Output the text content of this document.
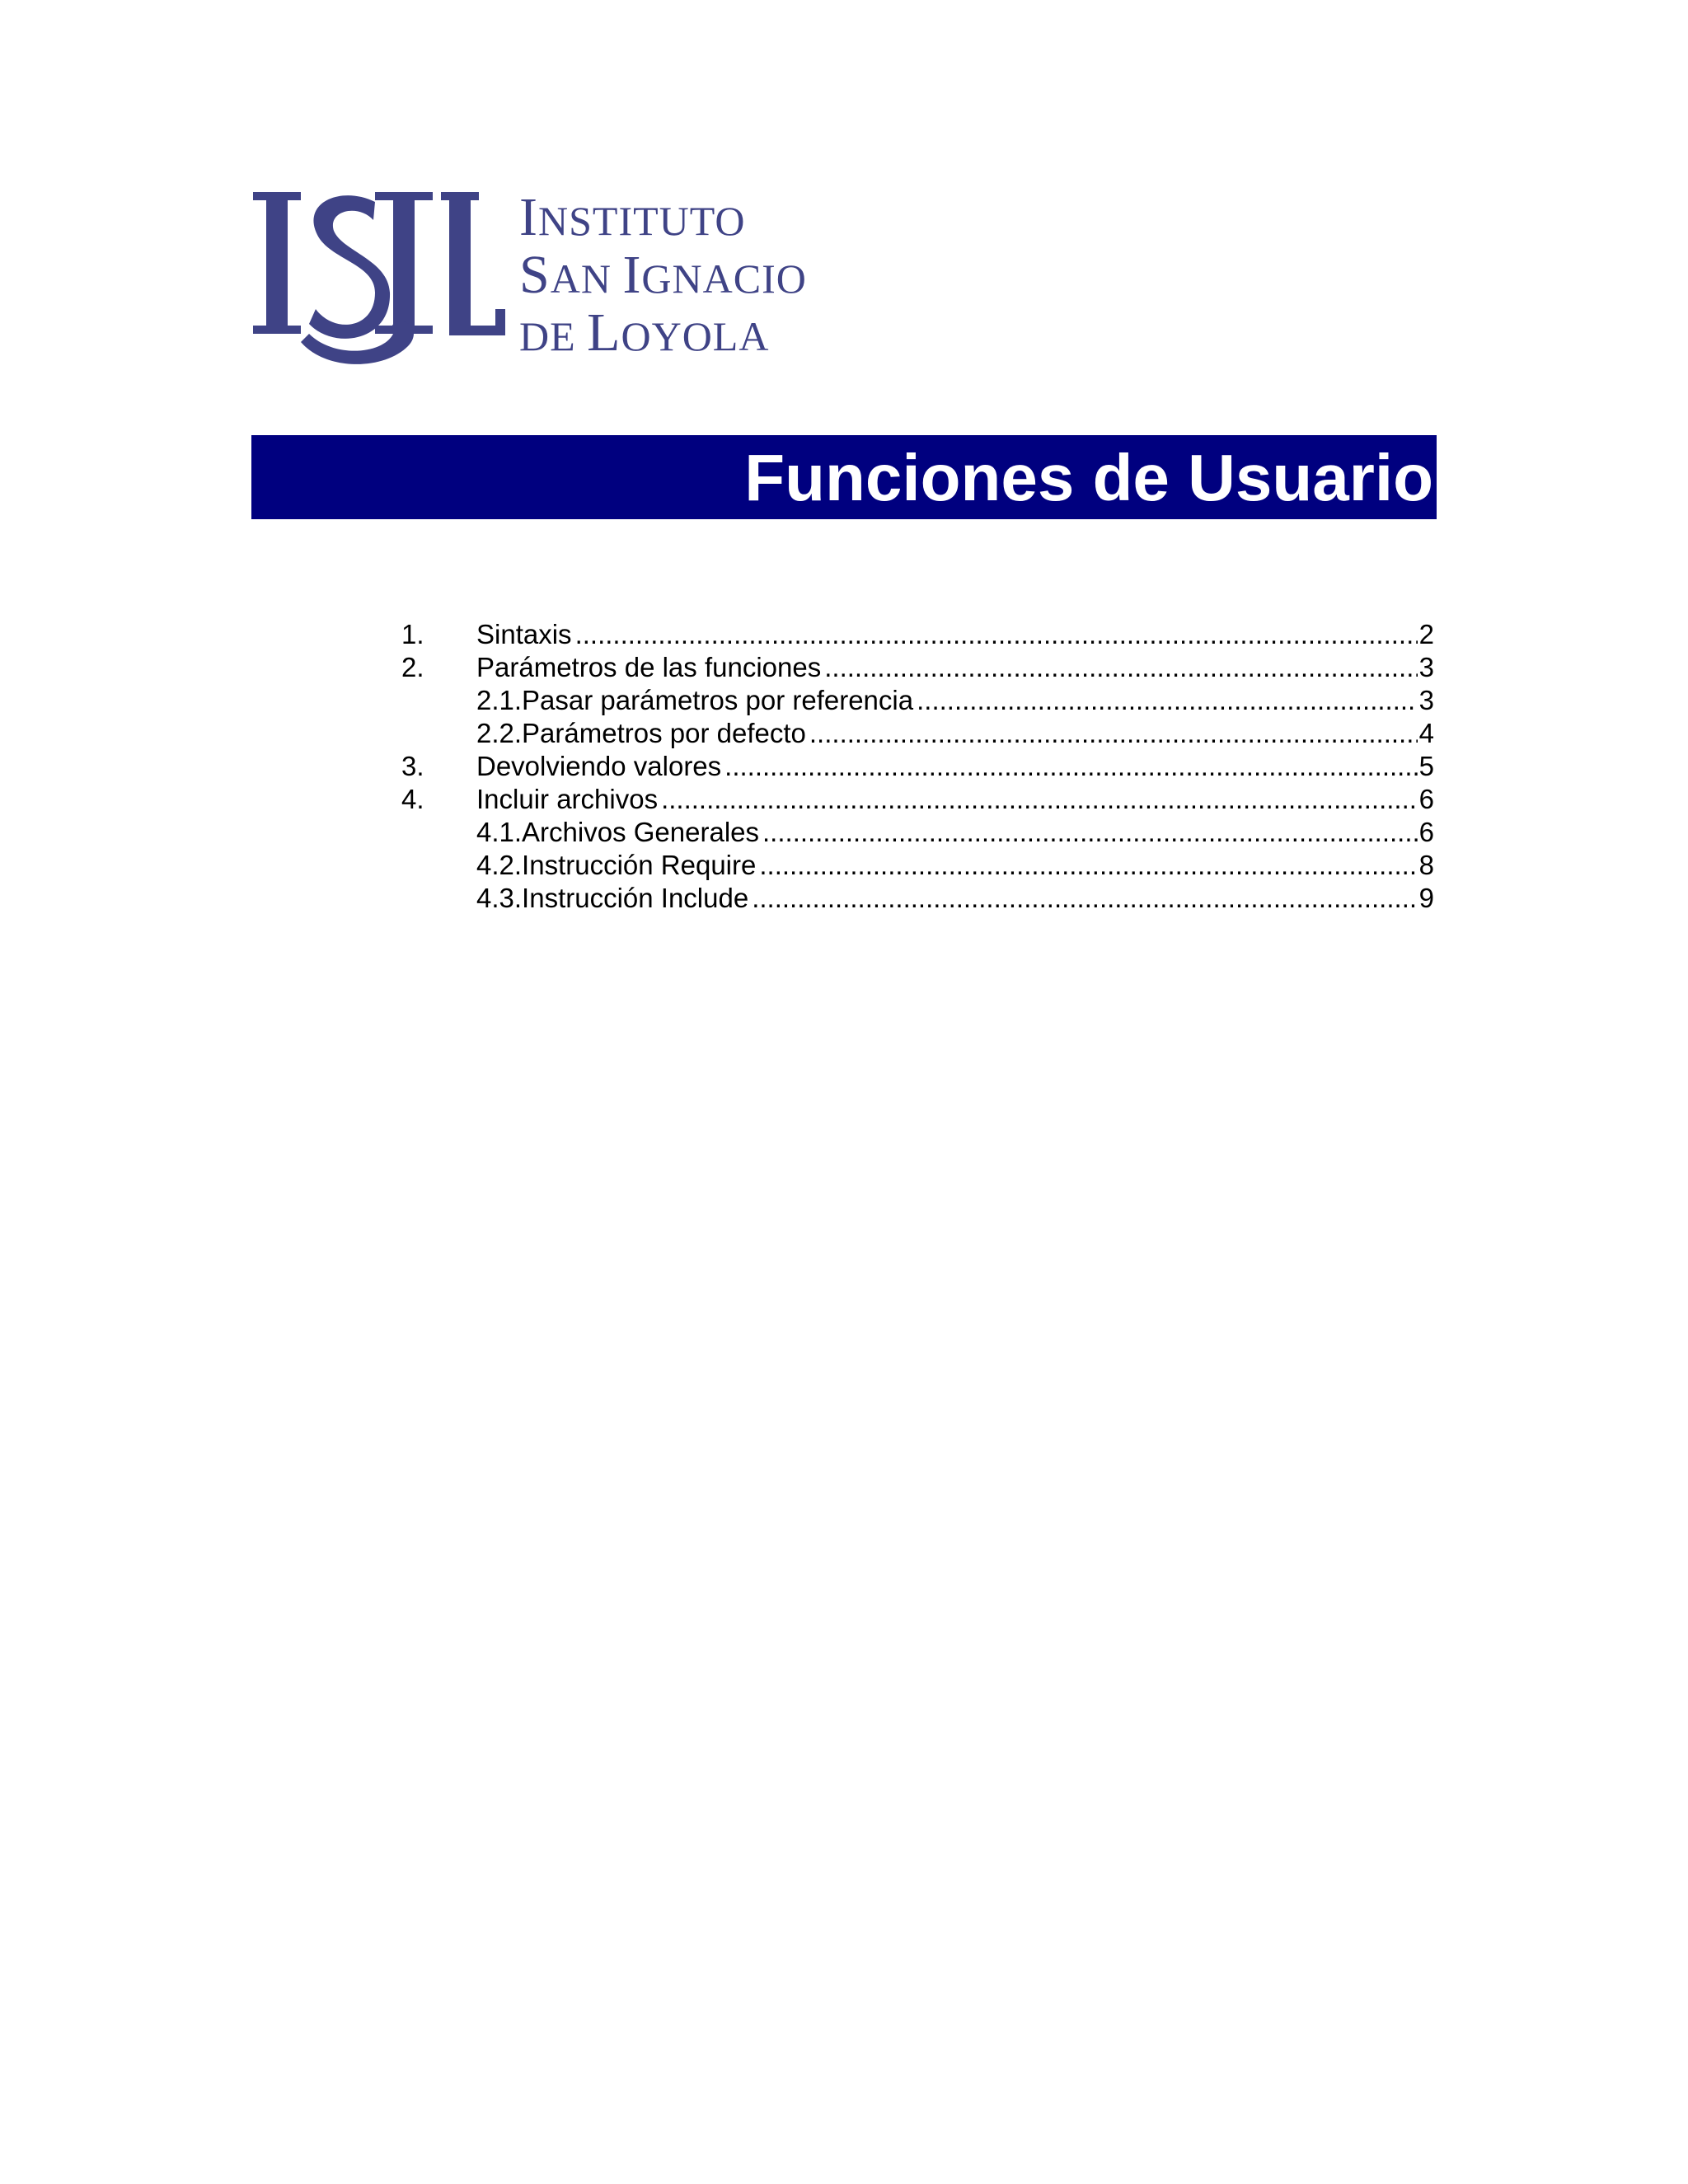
INSTITUTO
SAN IGNACIO
DE LOYOLA
Funciones de Usuario
1. Sintaxis .....	2
2. Parámetros de las funciones .....	3
2.1. Pasar parámetros por referencia .....	3
2.2. Parámetros por defecto .....	4
3. Devolviendo valores .....	5
4. Incluir archivos .....	6
4.1. Archivos Generales .....	6
4.2. Instrucción Require .....	8
4.3. Instrucción Include .....	9
